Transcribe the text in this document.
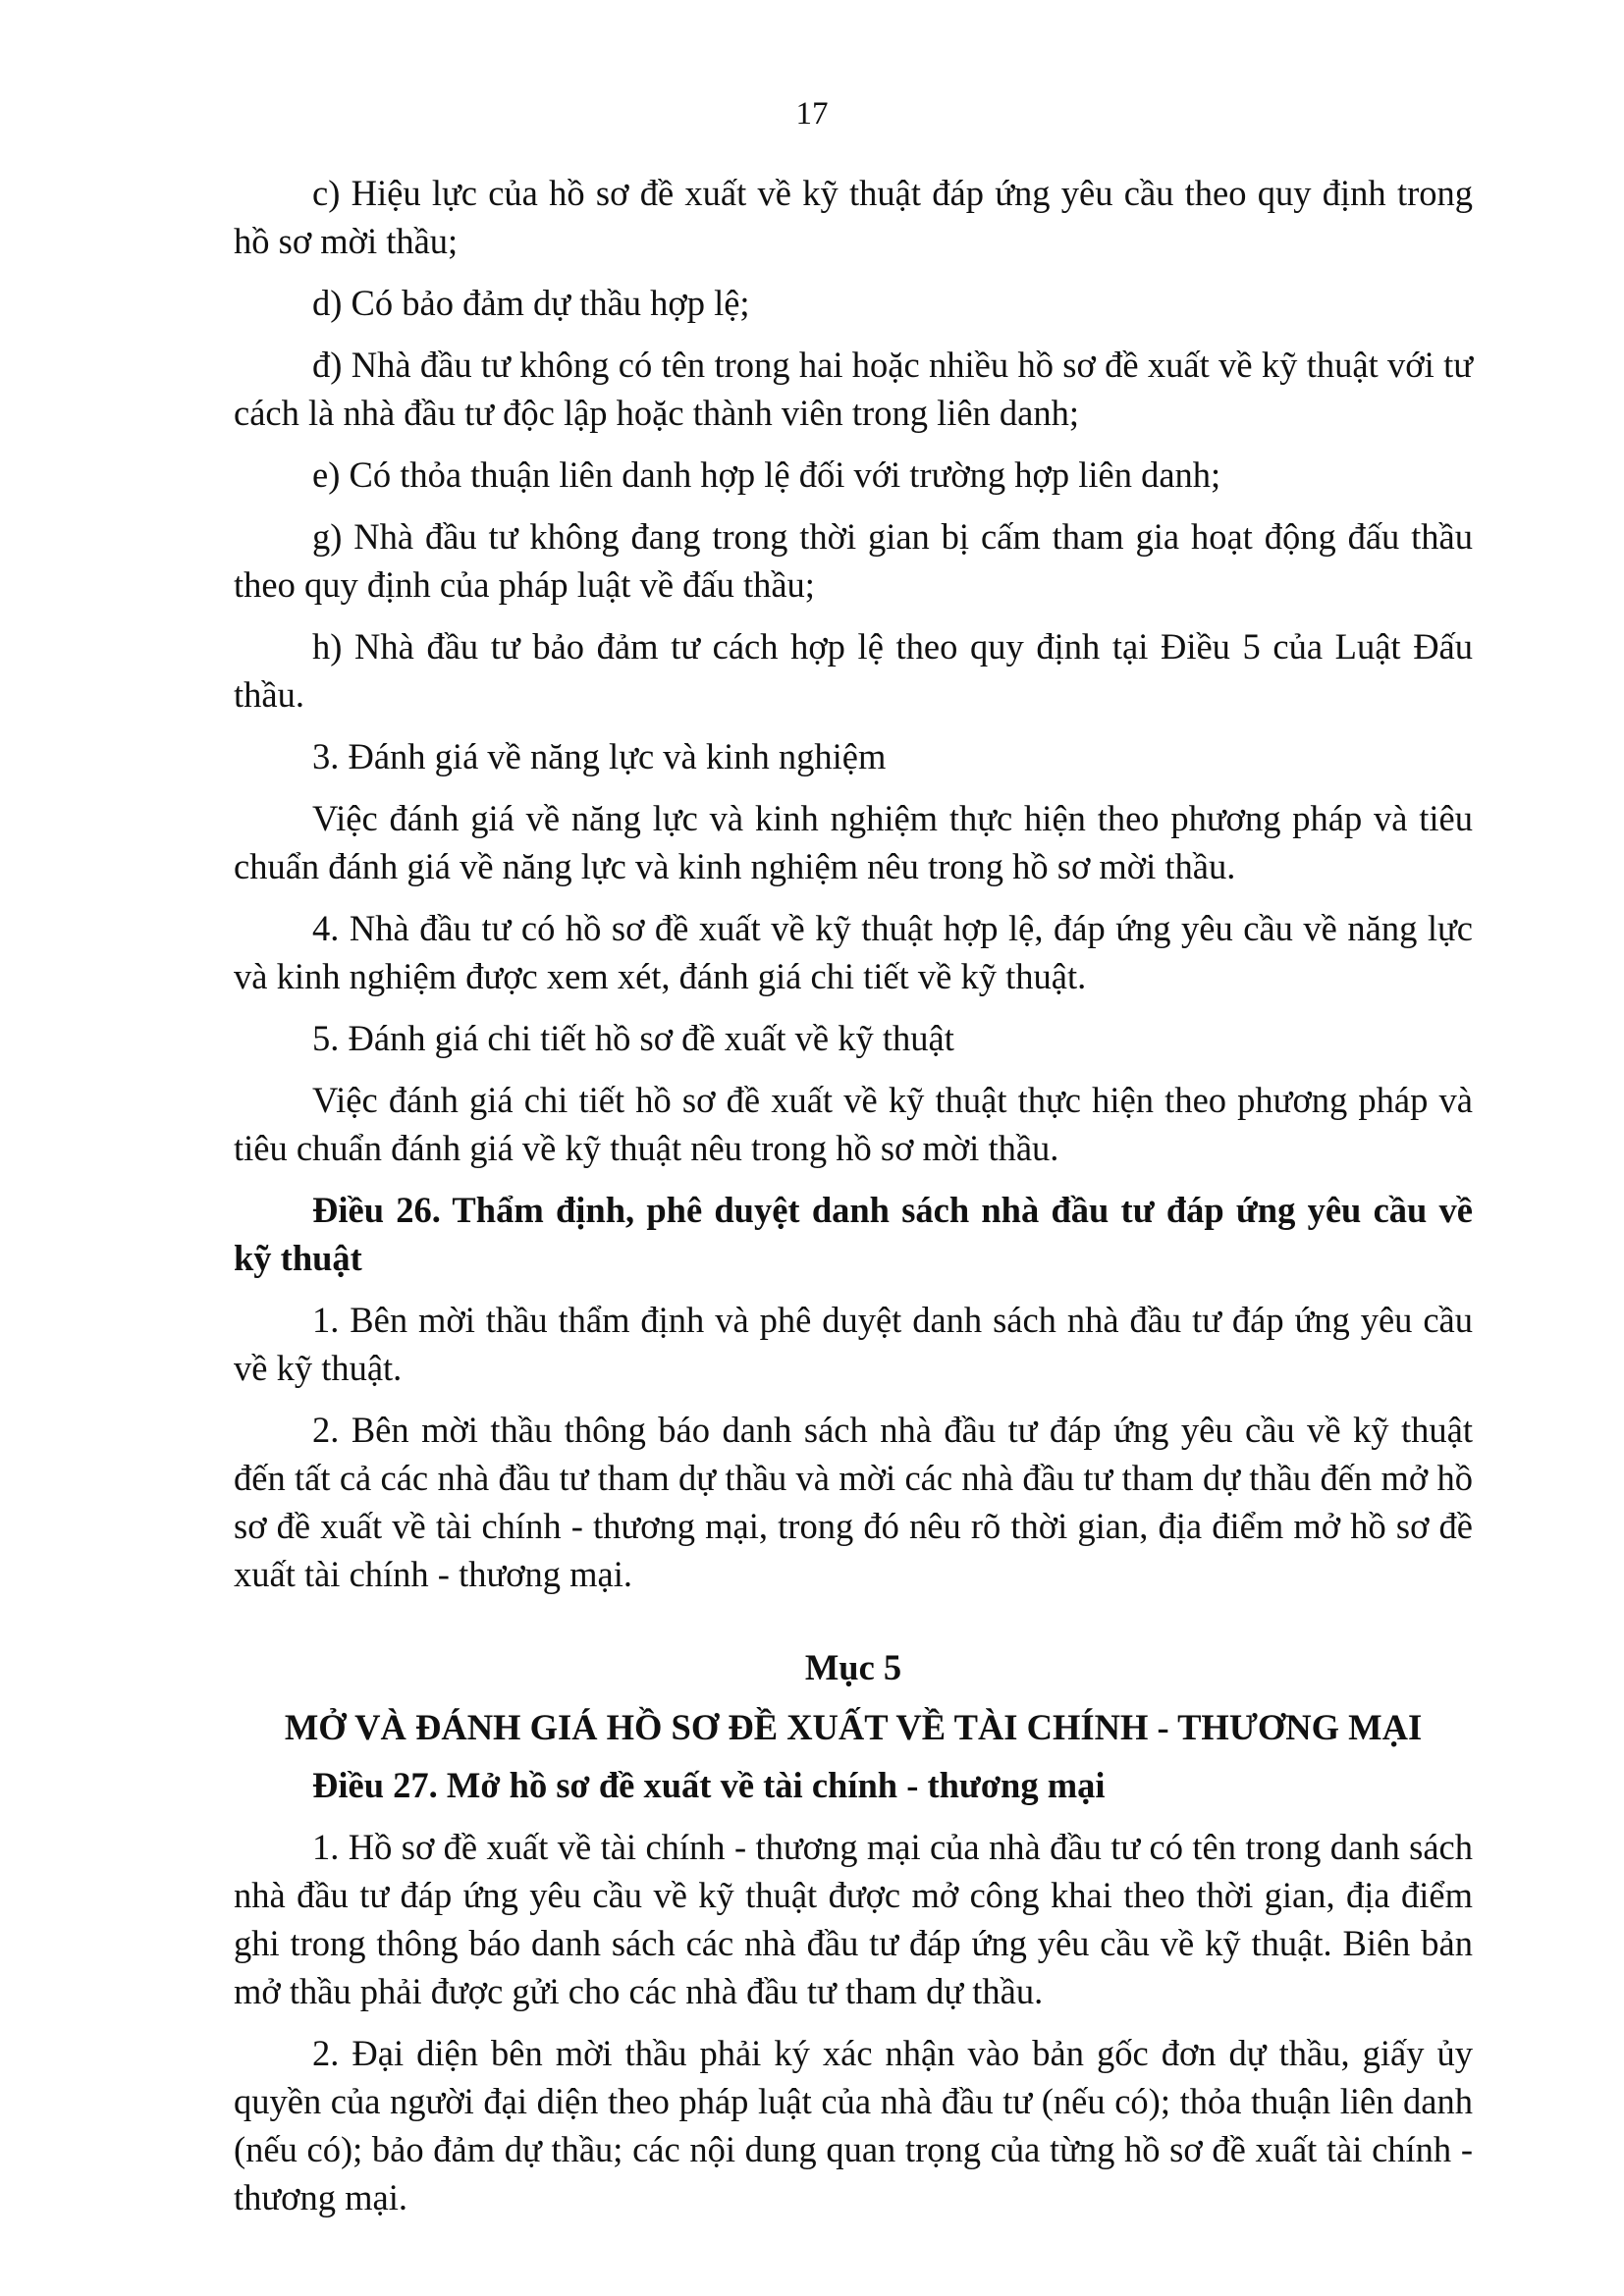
17

c) Hiệu lực của hồ sơ đề xuất về kỹ thuật đáp ứng yêu cầu theo quy định trong hồ sơ mời thầu;

d) Có bảo đảm dự thầu hợp lệ;

đ) Nhà đầu tư không có tên trong hai hoặc nhiều hồ sơ đề xuất về kỹ thuật với tư cách là nhà đầu tư độc lập hoặc thành viên trong liên danh;

e) Có thỏa thuận liên danh hợp lệ đối với trường hợp liên danh;

g) Nhà đầu tư không đang trong thời gian bị cấm tham gia hoạt động đấu thầu theo quy định của pháp luật về đấu thầu;

h) Nhà đầu tư bảo đảm tư cách hợp lệ theo quy định tại Điều 5 của Luật Đấu thầu.

3. Đánh giá về năng lực và kinh nghiệm

Việc đánh giá về năng lực và kinh nghiệm thực hiện theo phương pháp và tiêu chuẩn đánh giá về năng lực và kinh nghiệm nêu trong hồ sơ mời thầu.

4. Nhà đầu tư có hồ sơ đề xuất về kỹ thuật hợp lệ, đáp ứng yêu cầu về năng lực và kinh nghiệm được xem xét, đánh giá chi tiết về kỹ thuật.

5. Đánh giá chi tiết hồ sơ đề xuất về kỹ thuật

Việc đánh giá chi tiết hồ sơ đề xuất về kỹ thuật thực hiện theo phương pháp và tiêu chuẩn đánh giá về kỹ thuật nêu trong hồ sơ mời thầu.

Điều 26. Thẩm định, phê duyệt danh sách nhà đầu tư đáp ứng yêu cầu về kỹ thuật

1. Bên mời thầu thẩm định và phê duyệt danh sách nhà đầu tư đáp ứng yêu cầu về kỹ thuật.

2. Bên mời thầu thông báo danh sách nhà đầu tư đáp ứng yêu cầu về kỹ thuật đến tất cả các nhà đầu tư tham dự thầu và mời các nhà đầu tư tham dự thầu đến mở hồ sơ đề xuất về tài chính - thương mại, trong đó nêu rõ thời gian, địa điểm mở hồ sơ đề xuất tài chính - thương mại.

Mục 5

MỞ VÀ ĐÁNH GIÁ HỒ SƠ ĐỀ XUẤT VỀ TÀI CHÍNH - THƯƠNG MẠI

Điều 27. Mở hồ sơ đề xuất về tài chính - thương mại

1. Hồ sơ đề xuất về tài chính - thương mại của nhà đầu tư có tên trong danh sách nhà đầu tư đáp ứng yêu cầu về kỹ thuật được mở công khai theo thời gian, địa điểm ghi trong thông báo danh sách các nhà đầu tư đáp ứng yêu cầu về kỹ thuật. Biên bản mở thầu phải được gửi cho các nhà đầu tư tham dự thầu.

2. Đại diện bên mời thầu phải ký xác nhận vào bản gốc đơn dự thầu, giấy ủy quyền của người đại diện theo pháp luật của nhà đầu tư (nếu có); thỏa thuận liên danh (nếu có); bảo đảm dự thầu; các nội dung quan trọng của từng hồ sơ đề xuất tài chính - thương mại.
